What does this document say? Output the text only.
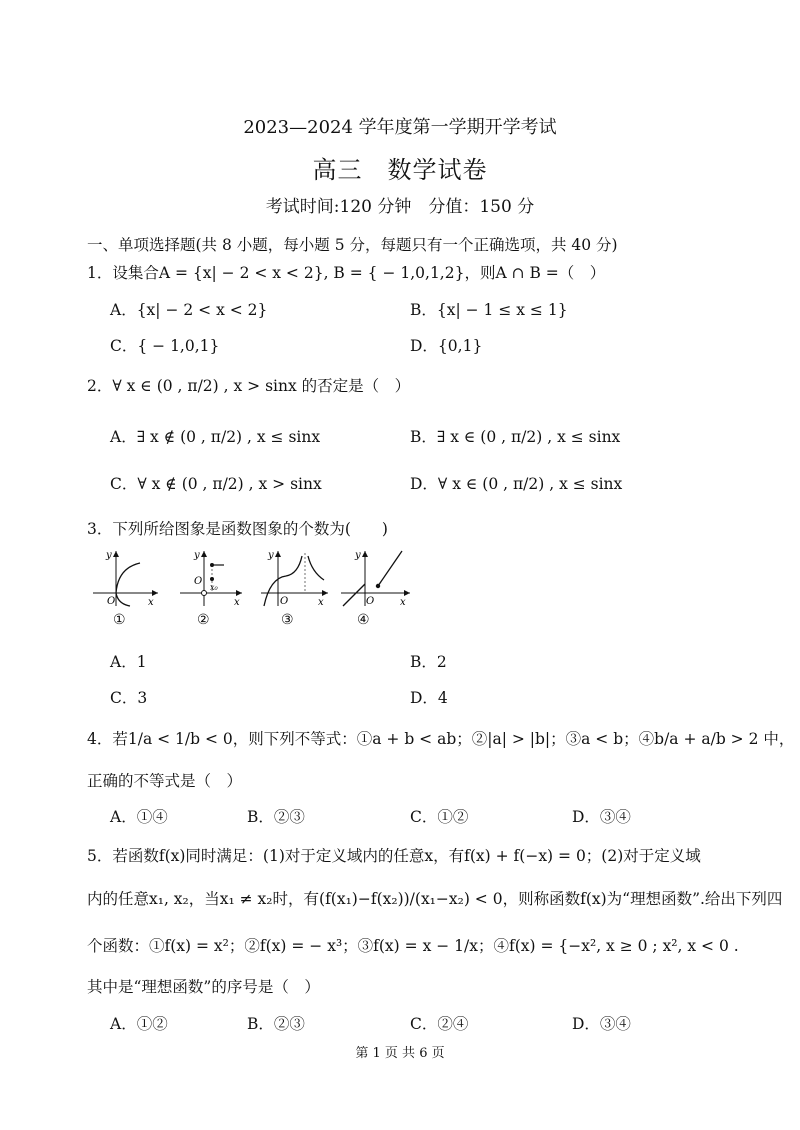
2023—2024 学年度第一学期开学考试
高三　数学试卷
考试时间:120 分钟　分值：150 分
一、单项选择题(共 8 小题，每小题 5 分，每题只有一个正确选项，共 40 分)
1．设集合A = {x| − 2 < x < 2}, B = { − 1,0,1,2}，则A ∩ B =（　）
A．{x| − 2 < x < 2}	B．{x| − 1 ≤ x ≤ 1}
C．{ − 1,0,1}	D．{0,1}
2．∀ x ∈ (0 , π/2) , x > sinx 的否定是（　）
A．∃ x ∉ (0 , π/2) , x ≤ sinx	B．∃ x ∈ (0 , π/2) , x ≤ sinx
C．∀ x ∉ (0 , π/2) , x > sinx	D．∀ x ∈ (0 , π/2) , x ≤ sinx
3．下列所给图象是函数图象的个数为(　　)
y
O	x
①
y
O
x₀
x
②
y
O	x
③
y
O	x
④
A．1	B．2
C．3	D．4
4．若1/a < 1/b < 0，则下列不等式：①a + b < ab；②|a| > |b|；③a < b；④b/a + a/b > 2 中，
正确的不等式是（　）
A．①④	B．②③	C．①②	D．③④
5．若函数f(x)同时满足：(1)对于定义域内的任意x，有f(x) + f(−x) = 0；(2)对于定义域
内的任意x₁, x₂，当x₁ ≠ x₂时，有(f(x₁)−f(x₂))/(x₁−x₂) < 0，则称函数f(x)为“理想函数”.给出下列四
个函数：①f(x) = x²；②f(x) = − x³；③f(x) = x − 1/x；④f(x) = {−x², x ≥ 0 ; x², x < 0 .
其中是“理想函数”的序号是（　）
A．①②	B．②③	C．②④	D．③④
第 1 页 共 6 页
